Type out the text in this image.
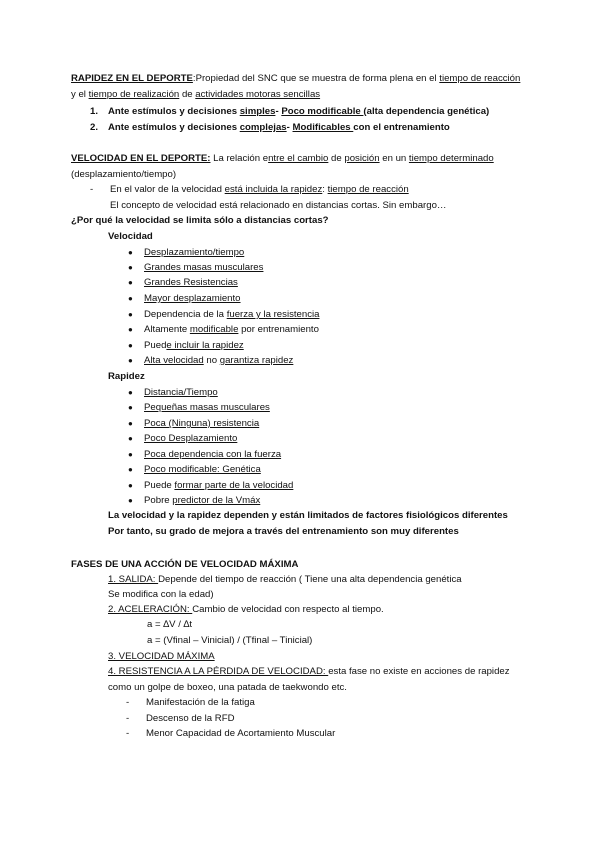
RAPIDEZ EN EL DEPORTE:Propiedad del SNC que se muestra de forma plena en el tiempo de reacción
y el tiempo de realización de actividades motoras sencillas
1. Ante estímulos y decisiones simples- Poco modificable (alta dependencia genética)
2. Ante estímulos y decisiones complejas- Modificables con el entrenamiento
VELOCIDAD EN EL DEPORTE: La relación entre el cambio de posición en un tiempo determinado
(desplazamiento/tiempo)
- En el valor de la velocidad está incluida la rapidez: tiempo de reacción
El concepto de velocidad está relacionado en distancias cortas. Sin embargo…
¿Por qué la velocidad se limita sólo a distancias cortas?
Velocidad
● Desplazamiento/tiempo
● Grandes masas musculares
● Grandes Resistencias
● Mayor desplazamiento
● Dependencia de la fuerza y la resistencia
● Altamente modificable por entrenamiento
● Puede incluir la rapidez
● Alta velocidad no garantiza rapidez
Rapidez
● Distancia/Tiempo
● Pequeñas masas musculares
● Poca (Ninguna) resistencia
● Poco Desplazamiento
● Poca dependencia con la fuerza
● Poco modificable: Genética
● Puede formar parte de la velocidad
● Pobre predictor de la Vmáx
La velocidad y la rapidez dependen y están limitados de factores fisiológicos diferentes
Por tanto, su grado de mejora a través del entrenamiento son muy diferentes
FASES DE UNA ACCIÓN DE VELOCIDAD MÁXIMA
1. SALIDA: Depende del tiempo de reacción ( Tiene una alta dependencia genética
Se modifica con la edad)
2. ACELERACIÓN: Cambio de velocidad con respecto al tiempo.
a = ∆V / ∆t
a = (Vfinal – Vinicial) / (Tfinal – Tinicial)
3. VELOCIDAD MÁXIMA
4. RESISTENCIA A LA PÉRDIDA DE VELOCIDAD: esta fase no existe en acciones de rapidez
como un golpe de boxeo, una patada de taekwondo etc.
- Manifestación de la fatiga
- Descenso de la RFD
- Menor Capacidad de Acortamiento Muscular
